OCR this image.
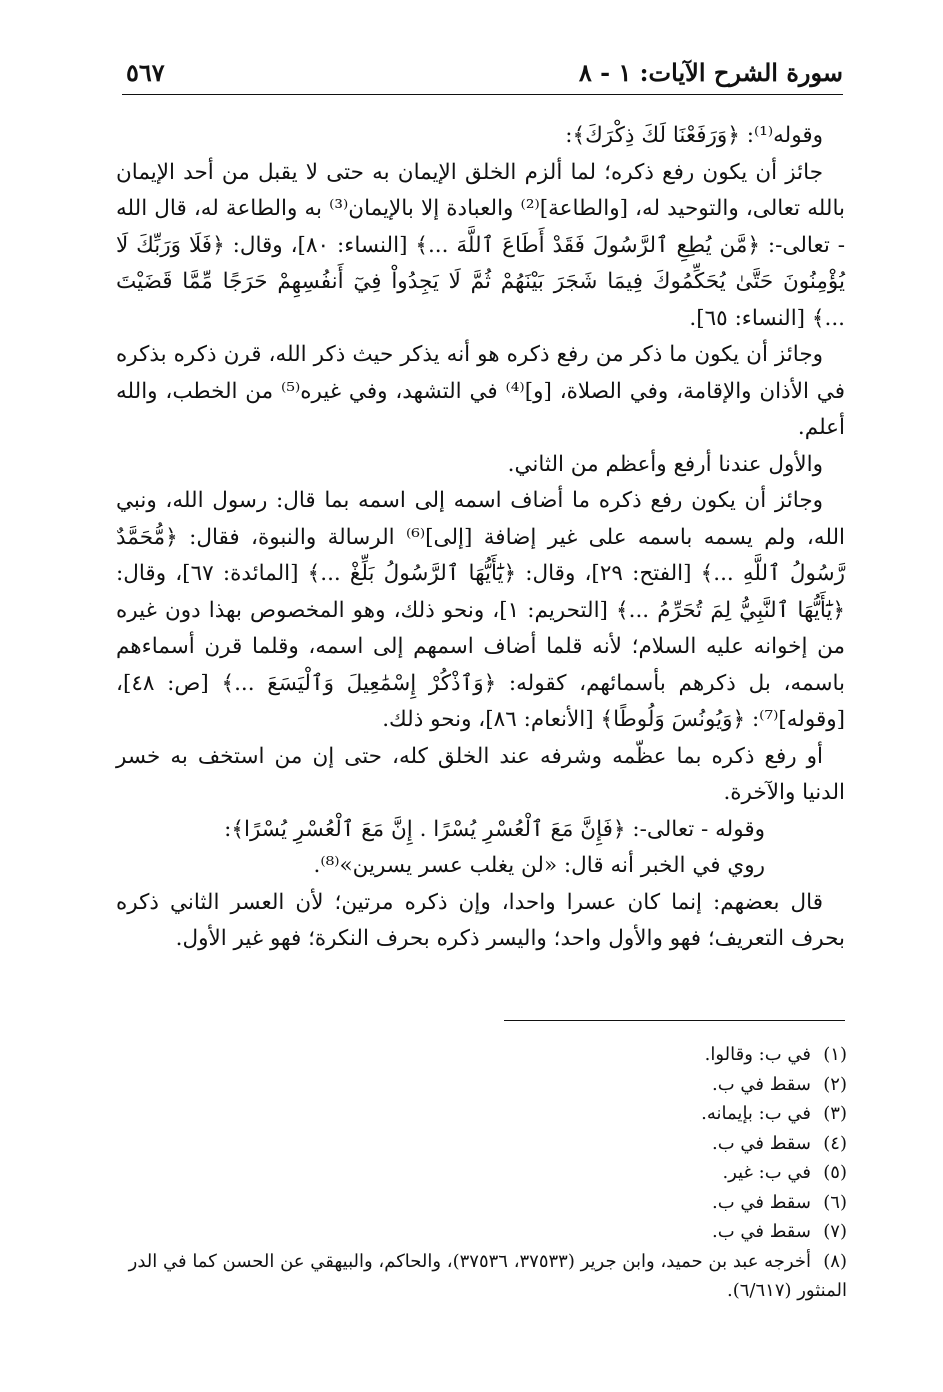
سورة الشرح الآيات: ١ - ٨
٥٦٧

وقوله⁽¹⁾: ﴿وَرَفَعْنَا لَكَ ذِكْرَكَ﴾:

جائز أن يكون رفع ذكره؛ لما ألزم الخلق الإيمان به حتى لا يقبل من أحد الإيمان بالله تعالى، والتوحيد له، [والطاعة]⁽²⁾ والعبادة إلا بالإيمان⁽³⁾ به والطاعة له، قال الله - تعالى-: ﴿مَّن يُطِعِ ٱلرَّسُولَ فَقَدْ أَطَاعَ ٱللَّهَ ...﴾ [النساء: ٨٠]، وقال: ﴿فَلَا وَرَبِّكَ لَا يُؤْمِنُونَ حَتَّىٰ يُحَكِّمُوكَ فِيمَا شَجَرَ بَيْنَهُمْ ثُمَّ لَا يَجِدُواْ فِيٓ أَنفُسِهِمْ حَرَجًا مِّمَّا قَضَيْتَ ...﴾ [النساء: ٦٥].

وجائز أن يكون ما ذكر من رفع ذكره هو أنه يذكر حيث ذكر الله، قرن ذكره بذكره في الأذان والإقامة، وفي الصلاة، [و]⁽⁴⁾ في التشهد، وفي غيره⁽⁵⁾ من الخطب، والله أعلم.

والأول عندنا أرفع وأعظم من الثاني.

وجائز أن يكون رفع ذكره ما أضاف اسمه إلى اسمه بما قال: رسول الله، ونبي الله، ولم يسمه باسمه على غير إضافة [إلى]⁽⁶⁾ الرسالة والنبوة، فقال: ﴿مُّحَمَّدٌ رَّسُولُ ٱللَّهِ ...﴾ [الفتح: ٢٩]، وقال: ﴿يَٰٓأَيُّهَا ٱلرَّسُولُ بَلِّغْ ...﴾ [المائدة: ٦٧]، وقال: ﴿يَٰٓأَيُّهَا ٱلنَّبِيُّ لِمَ تُحَرِّمُ ...﴾ [التحريم: ١]، ونحو ذلك، وهو المخصوص بهذا دون غيره من إخوانه عليه السلام؛ لأنه قلما أضاف اسمهم إلى اسمه، وقلما قرن أسماءهم باسمه، بل ذكرهم بأسمائهم، كقوله: ﴿وَٱذْكُرْ إِسْمَٰعِيلَ وَٱلْيَسَعَ ...﴾ [ص: ٤٨]، [وقوله]⁽⁷⁾: ﴿وَيُونُسَ وَلُوطًا﴾ [الأنعام: ٨٦]، ونحو ذلك.

أو رفع ذكره بما عظّمه وشرفه عند الخلق كله، حتى إن من استخف به خسر الدنيا والآخرة.

وقوله - تعالى-: ﴿فَإِنَّ مَعَ ٱلْعُسْرِ يُسْرًا . إِنَّ مَعَ ٱلْعُسْرِ يُسْرًا﴾:

روي في الخبر أنه قال: «لن يغلب عسر يسرين»⁽⁸⁾.

قال بعضهم: إنما كان عسرا واحدا، وإن ذكره مرتين؛ لأن العسر الثاني ذكره بحرف التعريف؛ فهو والأول واحد؛ واليسر ذكره بحرف النكرة؛ فهو غير الأول.

(١)في ب: وقالوا.

(٢)سقط في ب.

(٣)في ب: بإيمانه.

(٤)سقط في ب.

(٥)في ب: غير.

(٦)سقط في ب.

(٧)سقط في ب.

(٨)أخرجه عبد بن حميد، وابن جرير (٣٧٥٣٣، ٣٧٥٣٦)، والحاكم، والبيهقي عن الحسن كما في الدر المنثور (٦/٦١٧).
